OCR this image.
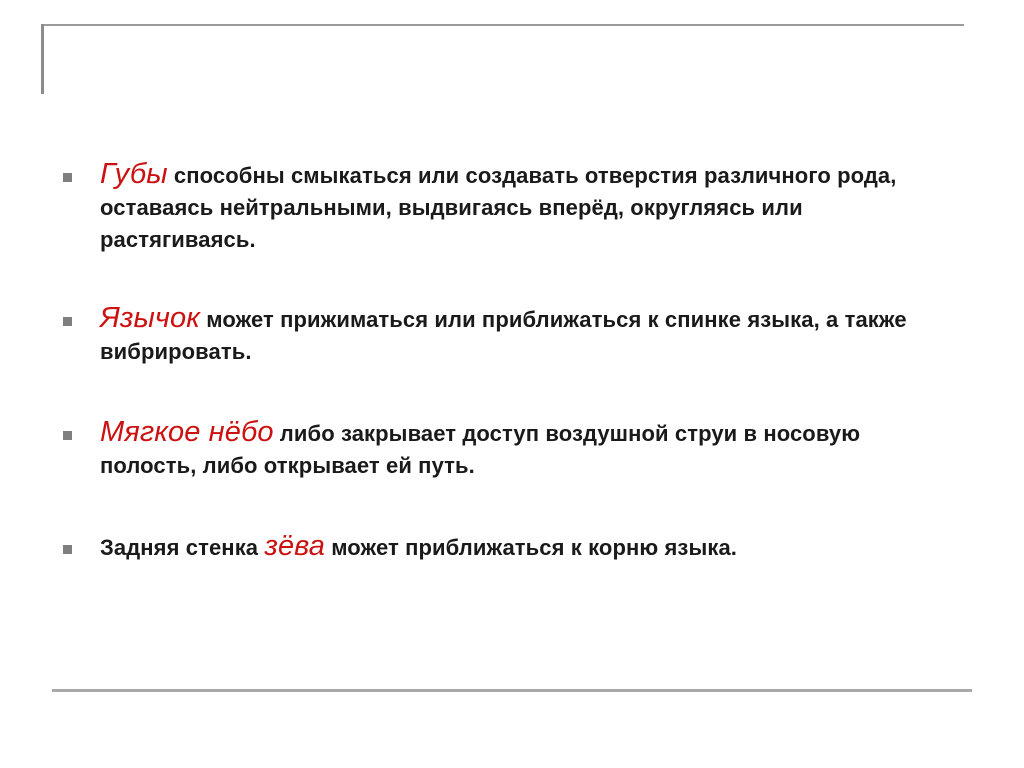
Губы способны смыкаться или создавать отверстия различного рода, оставаясь нейтральными, выдвигаясь вперёд, округляясь или растягиваясь.
Язычок может прижиматься или приближаться к спинке языка, а также вибрировать.
Мягкое нёбо либо закрывает доступ воздушной струи в носовую полость, либо открывает ей путь.
Задняя стенка зёва может приближаться к корню языка.
